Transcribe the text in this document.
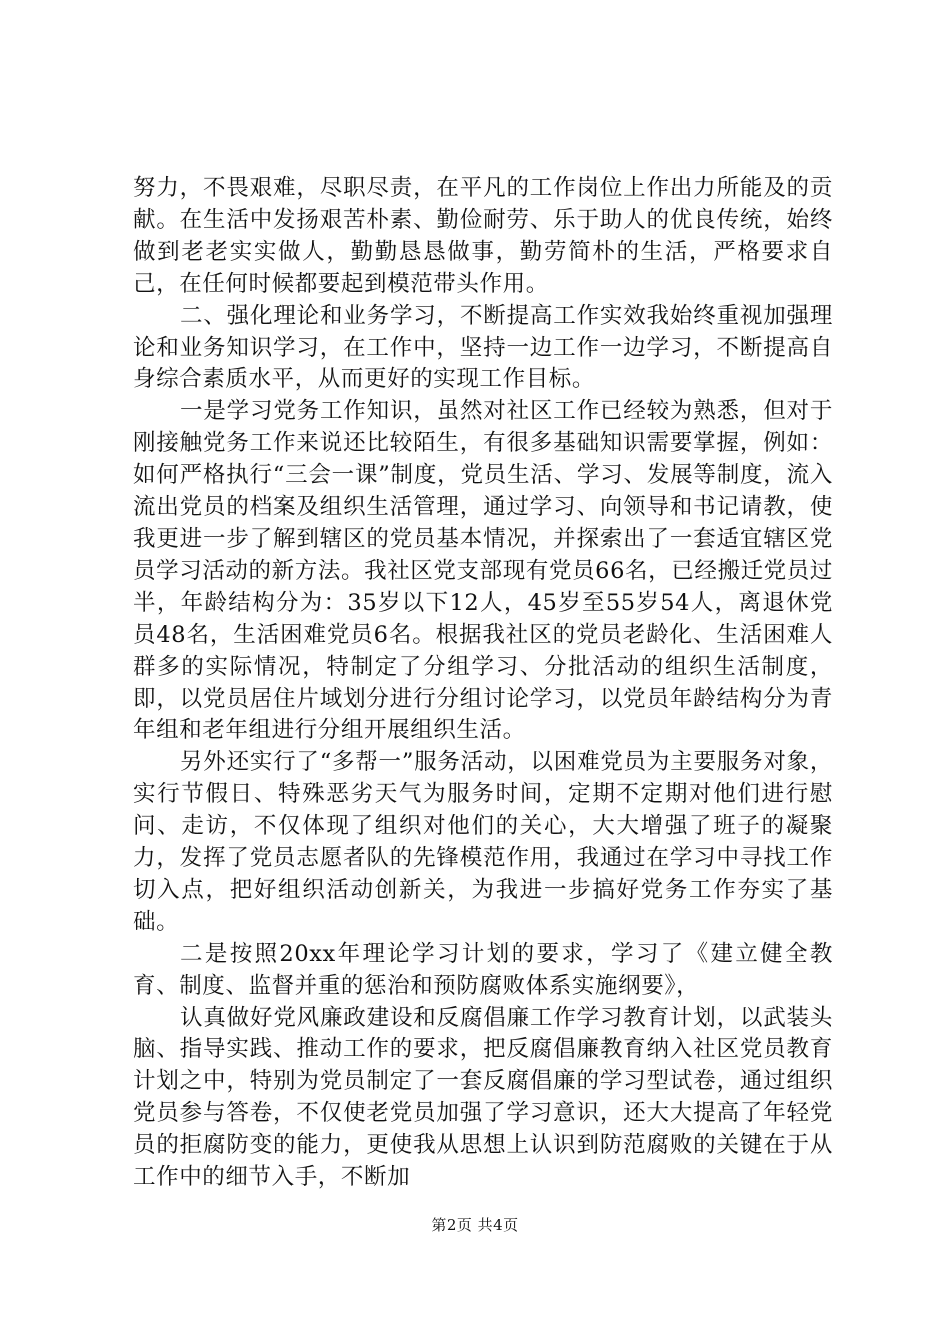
努力，不畏艰难，尽职尽责，在平凡的工作岗位上作出力所能及的贡献。在生活中发扬艰苦朴素、勤俭耐劳、乐于助人的优良传统，始终做到老老实实做人，勤勤恳恳做事，勤劳简朴的生活，严格要求自己，在任何时候都要起到模范带头作用。

二、强化理论和业务学习，不断提高工作实效我始终重视加强理论和业务知识学习，在工作中，坚持一边工作一边学习，不断提高自身综合素质水平，从而更好的实现工作目标。

一是学习党务工作知识，虽然对社区工作已经较为熟悉，但对于刚接触党务工作来说还比较陌生，有很多基础知识需要掌握，例如：如何严格执行“三会一课”制度，党员生活、学习、发展等制度，流入流出党员的档案及组织生活管理，通过学习、向领导和书记请教，使我更进一步了解到辖区的党员基本情况，并探索出了一套适宜辖区党员学习活动的新方法。我社区党支部现有党员66名，已经搬迁党员过半，年龄结构分为：35岁以下12人，45岁至55岁54人，离退休党员48名，生活困难党员6名。根据我社区的党员老龄化、生活困难人群多的实际情况，特制定了分组学习、分批活动的组织生活制度，即，以党员居住片域划分进行分组讨论学习，以党员年龄结构分为青年组和老年组进行分组开展组织生活。

另外还实行了“多帮一”服务活动，以困难党员为主要服务对象，实行节假日、特殊恶劣天气为服务时间，定期不定期对他们进行慰问、走访，不仅体现了组织对他们的关心，大大增强了班子的凝聚力，发挥了党员志愿者队的先锋模范作用，我通过在学习中寻找工作切入点，把好组织活动创新关，为我进一步搞好党务工作夯实了基础。

二是按照20xx年理论学习计划的要求，学习了《建立健全教育、制度、监督并重的惩治和预防腐败体系实施纲要》，

认真做好党风廉政建设和反腐倡廉工作学习教育计划，以武装头脑、指导实践、推动工作的要求，把反腐倡廉教育纳入社区党员教育计划之中，特别为党员制定了一套反腐倡廉的学习型试卷，通过组织党员参与答卷，不仅使老党员加强了学习意识，还大大提高了年轻党员的拒腐防变的能力，更使我从思想上认识到防范腐败的关键在于从工作中的细节入手，不断加

第2页 共4页
